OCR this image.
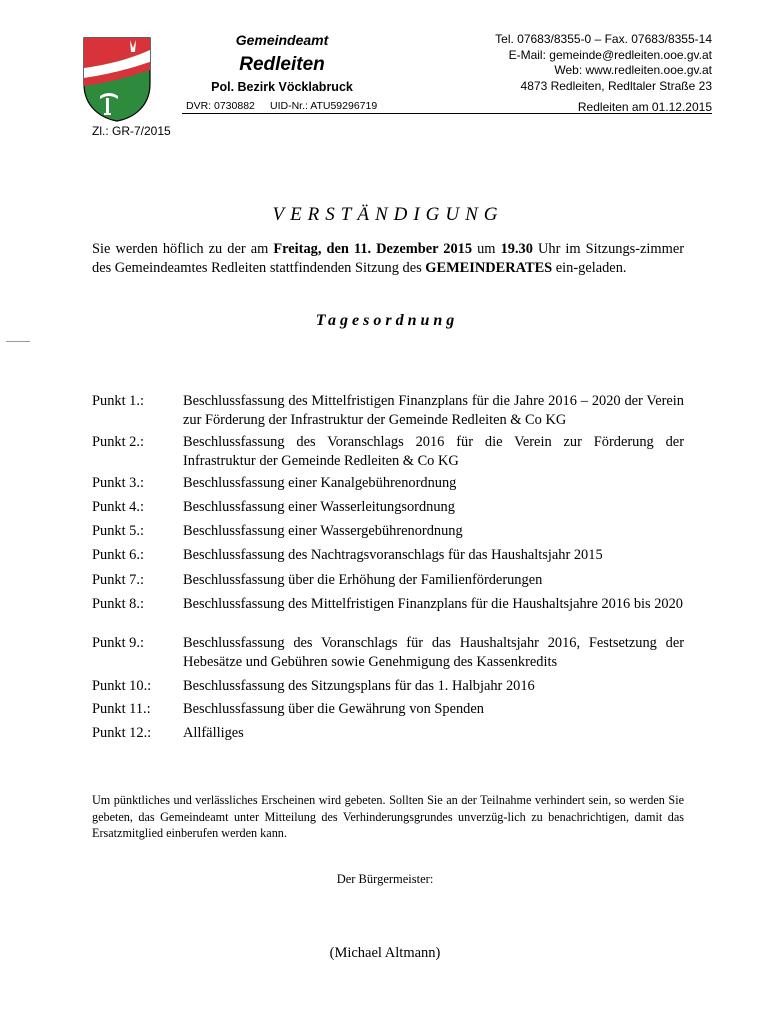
Gemeindeamt
Redleiten
Pol. Bezirk Vöcklabruck
DVR: 0730882 UID-Nr.: ATU59296719
Tel. 07683/8355-0 – Fax. 07683/8355-14
E-Mail: gemeinde@redleiten.ooe.gv.at
Web: www.redleiten.ooe.gv.at
4873 Redleiten, Redltaler Straße 23
Redleiten am 01.12.2015
Zl.: GR-7/2015
VERSTÄNDIGUNG
Sie werden höflich zu der am Freitag, den 11. Dezember 2015 um 19.30 Uhr im Sitzungs-zimmer des Gemeindeamtes Redleiten stattfindenden Sitzung des GEMEINDERATES ein-geladen.
Tagesordnung
Punkt 1.:	Beschlussfassung des Mittelfristigen Finanzplans für die Jahre 2016 – 2020 der Verein zur Förderung der Infrastruktur der Gemeinde Redleiten & Co KG
Punkt 2.:	Beschlussfassung des Voranschlags 2016 für die Verein zur Förderung der Infrastruktur der Gemeinde Redleiten & Co KG
Punkt 3.:	Beschlussfassung einer Kanalgebührenordnung
Punkt 4.:	Beschlussfassung einer Wasserleitungsordnung
Punkt 5.:	Beschlussfassung einer Wassergebührenordnung
Punkt 6.:	Beschlussfassung des Nachtragsvoranschlags für das Haushaltsjahr 2015
Punkt 7.:	Beschlussfassung über die Erhöhung der Familienförderungen
Punkt 8.:	Beschlussfassung des Mittelfristigen Finanzplans für die Haushaltsjahre 2016 bis 2020
Punkt 9.:	Beschlussfassung des Voranschlags für das Haushaltsjahr 2016, Festsetzung der Hebesätze und Gebühren sowie Genehmigung des Kassenkredits
Punkt 10.:	Beschlussfassung des Sitzungsplans für das 1. Halbjahr 2016
Punkt 11.:	Beschlussfassung über die Gewährung von Spenden
Punkt 12.:	Allfälliges
Um pünktliches und verlässliches Erscheinen wird gebeten. Sollten Sie an der Teilnahme verhindert sein, so werden Sie gebeten, das Gemeindeamt unter Mitteilung des Verhinderungsgrundes unverzüg-lich zu benachrichtigen, damit das Ersatzmitglied einberufen werden kann.
Der Bürgermeister:
(Michael Altmann)
